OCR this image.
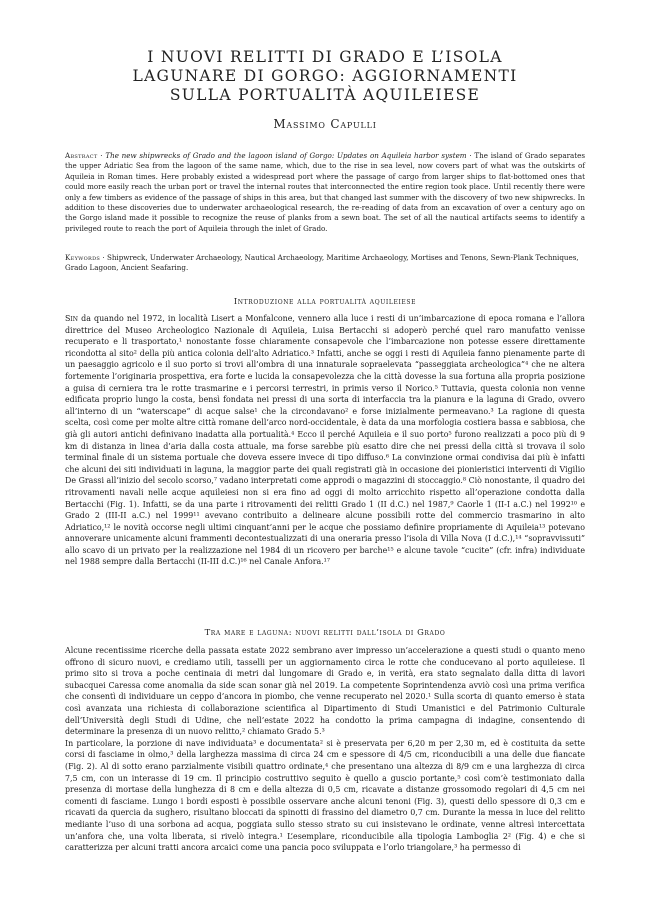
I NUOVI RELITTI DI GRADO E L’ISOLA
LAGUNARE DI GORGO: AGGIORNAMENTI
SULLA PORTUALITÀ AQUILEIESE
Massimo Capulli
Abstract · The new shipwrecks of Grado and the lagoon island of Gorgo: Updates on Aquileia harbor system · The island of Grado separates the upper Adriatic Sea from the lagoon of the same name, which, due to the rise in sea level, now covers part of what was the outskirts of Aquileia in Roman times. Here probably existed a widespread port where the passage of cargo from larger ships to flat-bottomed ones that could more easily reach the urban port or travel the internal routes that interconnected the entire region took place. Until recently there were only a few timbers as evidence of the passage of ships in this area, but that changed last summer with the discovery of two new shipwrecks. In addition to these discoveries due to underwater archaeological research, the re-reading of data from an excavation of over a century ago on the Gorgo island made it possible to recognize the reuse of planks from a sewn boat. The set of all the nautical artifacts seems to identify a privileged route to reach the port of Aquileia through the inlet of Grado.
Keywords · Shipwreck, Underwater Archaeology, Nautical Archaeology, Maritime Archaeology, Mortises and Tenons, Sewn-Plank Techniques, Grado Lagoon, Ancient Seafaring.
Introduzione alla portualità aquileiese

Sin da quando nel 1972, in località Lisert a Monfalcone, vennero alla luce i resti di un’imbarcazione di epoca romana e l’allora direttrice del Museo Archeologico Nazionale di Aquileia, Luisa Bertacchi si adoperò perché quel raro manufatto venisse recuperato e li trasportato,¹ nonostante fosse chiaramente consapevole che l’imbarcazione non potesse essere direttamente ricondotta al sito² della più antica colonia dell’alto Adriatico.³ Infatti, anche se oggi i resti di Aquileia fanno pienamente parte di un paesaggio agricolo e il suo porto si trovi all’ombra di una innaturale sopraelevata “passeggiata archeologica”⁴ che ne altera fortemente l’originaria prospettiva, era forte e lucida la consapevolezza che la città dovesse la sua fortuna alla propria posizione a guisa di cerniera tra le rotte trasmarine e i percorsi terrestri, in primis verso il Norico.⁵ Tuttavia, questa colonia non venne edificata proprio lungo la costa, bensì fondata nei pressi di una sorta di interfaccia tra la pianura e la laguna di Grado, ovvero all’interno di un “waterscape” di acque salse¹ che la circondavano² e forse inizialmente permeavano.³ La ragione di questa scelta, così come per molte altre città romane dell’arco nord-occidentale, è data da una morfologia costiera bassa e sabbiosa, che già gli autori antichi definivano inadatta alla portualità.⁴ Ecco il perché Aquileia e il suo porto⁵ furono realizzati a poco più di 9 km di distanza in linea d’aria dalla costa attuale, ma forse sarebbe più esatto dire che nei pressi della città si trovava il solo terminal finale di un sistema portuale che doveva essere invece di tipo diffuso.⁶ La convinzione ormai condivisa dai più è infatti che alcuni dei siti individuati in laguna, la maggior parte dei quali registrati già in occasione dei pionieristici interventi di Vigilio De Grassi all’inizio del secolo scorso,⁷ vadano interpretati come approdi o magazzini di stoccaggio.⁸ Ciò nonostante, il quadro dei ritrovamenti navali nelle acque aquileiesi non si era fino ad oggi di molto arricchito rispetto all’operazione condotta dalla Bertacchi (Fig. 1). Infatti, se da una parte i ritrovamenti dei relitti Grado 1 (II d.C.) nel 1987,⁹ Caorle 1 (II-I a.C.) nel 1992¹⁰ e Grado 2 (III-II a.C.) nel 1999¹¹ avevano contribuito a delineare alcune possibili rotte del commercio trasmarino in alto Adriatico,¹² le novità occorse negli ultimi cinquant’anni per le acque che possiamo definire propriamente di Aquileia¹³ potevano annoverare unicamente alcuni frammenti decontestualizzati di una oneraria presso l’isola di Villa Nova (I d.C.),¹⁴ “sopravvissuti” allo scavo di un privato per la realizzazione nel 1984 di un ricovero per barche¹⁵ e alcune tavole “cucite” (cfr. infra) individuate nel 1988 sempre dalla Bertacchi (II-III d.C.)¹⁶ nel Canale Anfora.¹⁷

Tra mare e laguna: nuovi relitti dall’isola di Grado

Alcune recentissime ricerche della passata estate 2022 sembrano aver impresso un’accelerazione a questi studi o quanto meno offrono di sicuro nuovi, e crediamo utili, tasselli per un aggiornamento circa le rotte che conducevano al porto aquileiese. Il primo sito si trova a poche centinaia di metri dal lungomare di Grado e, in verità, era stato segnalato dalla ditta di lavori subacquei Caressa come anomalia da side scan sonar già nel 2019. La competente Soprintendenza avviò così una prima verifica che consentì di individuare un ceppo d’ancora in piombo, che venne recuperato nel 2020.¹ Sulla scorta di quanto emerso è stata così avanzata una richiesta di collaborazione scientifica al Dipartimento di Studi Umanistici e del Patrimonio Culturale dell’Università degli Studi di Udine, che nell’estate 2022 ha condotto la prima campagna di indagine, consentendo di determinare la presenza di un nuovo relitto,² chiamato Grado 5.³

In particolare, la porzione di nave individuata³ e documentata² si è preservata per 6,20 m per 2,30 m, ed è costituita da sette corsi di fasciame in olmo,³ della larghezza massima di circa 24 cm e spessore di 4/5 cm, riconducibili a una delle due fiancate (Fig. 2). Al di sotto erano parzialmente visibili quattro ordinate,⁴ che presentano una altezza di 8/9 cm e una larghezza di circa 7,5 cm, con un interasse di 19 cm. Il principio costruttivo seguito è quello a guscio portante,⁵ così com’è testimoniato dalla presenza di mortase della lunghezza di 8 cm e della altezza di 0,5 cm, ricavate a distanze grossomodo regolari di 4,5 cm nei comenti di fasciame. Lungo i bordi esposti è possibile osservare anche alcuni tenoni (Fig. 3), questi dello spessore di 0,3 cm e ricavati da quercia da sughero, risultano bloccati da spinotti di frassino del diametro 0,7 cm. Durante la messa in luce del relitto mediante l’uso di una sorbona ad acqua, poggiata sullo stesso strato su cui insistevano le ordinate, venne altresì intercettata un’anfora che, una volta liberata, si rivelò integra.¹ L’esemplare, riconducibile alla tipologia Lamboglia 2² (Fig. 4) e che si caratterizza per alcuni tratti ancora arcaici come una pancia poco sviluppata e l’orlo triangolare,³ ha permesso di
